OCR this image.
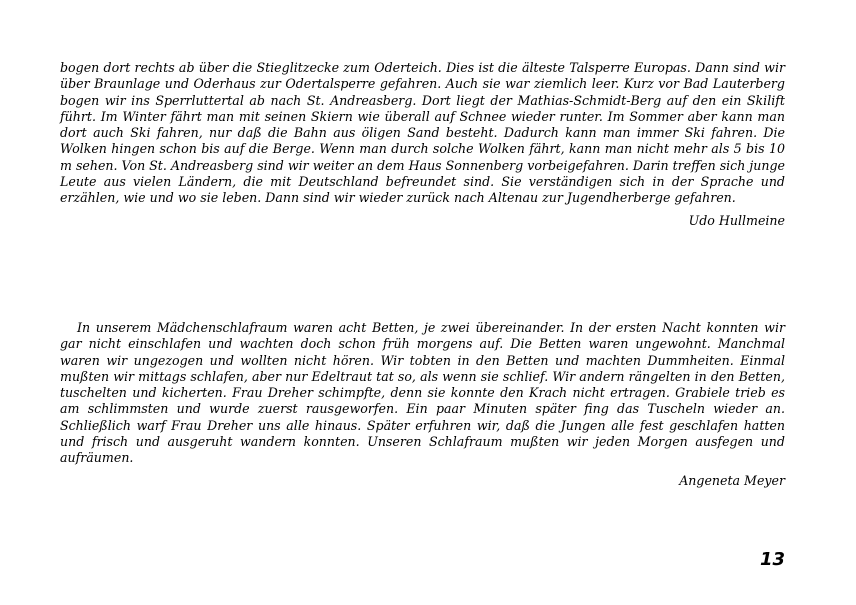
bogen dort rechts ab über die Stieglitzecke zum Oderteich. Dies ist die älteste Talsperre Europas. Dann sind wir über Braunlage und Oderhaus zur Odertalsperre gefahren. Auch sie war ziemlich leer. Kurz vor Bad Lauterberg bogen wir ins Sperrluttertal ab nach St. Andreasberg. Dort liegt der Mathias-Schmidt-Berg auf den ein Skilift führt. Im Winter fährt man mit seinen Skiern wie überall auf Schnee wieder runter. Im Sommer aber kann man dort auch Ski fahren, nur daß die Bahn aus öligen Sand besteht. Dadurch kann man immer Ski fahren. Die Wolken hingen schon bis auf die Berge. Wenn man durch solche Wolken fährt, kann man nicht mehr als 5 bis 10 m sehen. Von St. Andreasberg sind wir weiter an dem Haus Sonnenberg vorbeigefahren. Darin treffen sich junge Leute aus vielen Ländern, die mit Deutschland befreundet sind. Sie verständigen sich in der Sprache und erzählen, wie und wo sie leben. Dann sind wir wieder zurück nach Altenau zur Jugendherberge gefahren.

Udo Hullmeine

In unserem Mädchenschlafraum waren acht Betten, je zwei übereinander. In der ersten Nacht konnten wir gar nicht einschlafen und wachten doch schon früh morgens auf. Die Betten waren ungewohnt. Manchmal waren wir ungezogen und wollten nicht hören. Wir tobten in den Betten und machten Dummheiten. Einmal mußten wir mittags schlafen, aber nur Edeltraut tat so, als wenn sie schlief. Wir andern rängelten in den Betten, tuschelten und kicherten. Frau Dreher schimpfte, denn sie konnte den Krach nicht ertragen. Grabiele trieb es am schlimmsten und wurde zuerst rausgeworfen. Ein paar Minuten später fing das Tuscheln wieder an. Schließlich warf Frau Dreher uns alle hinaus. Später erfuhren wir, daß die Jungen alle fest geschlafen hatten und frisch und ausgeruht wandern konnten. Unseren Schlafraum mußten wir jeden Morgen ausfegen und aufräumen.

Angeneta Meyer

13
